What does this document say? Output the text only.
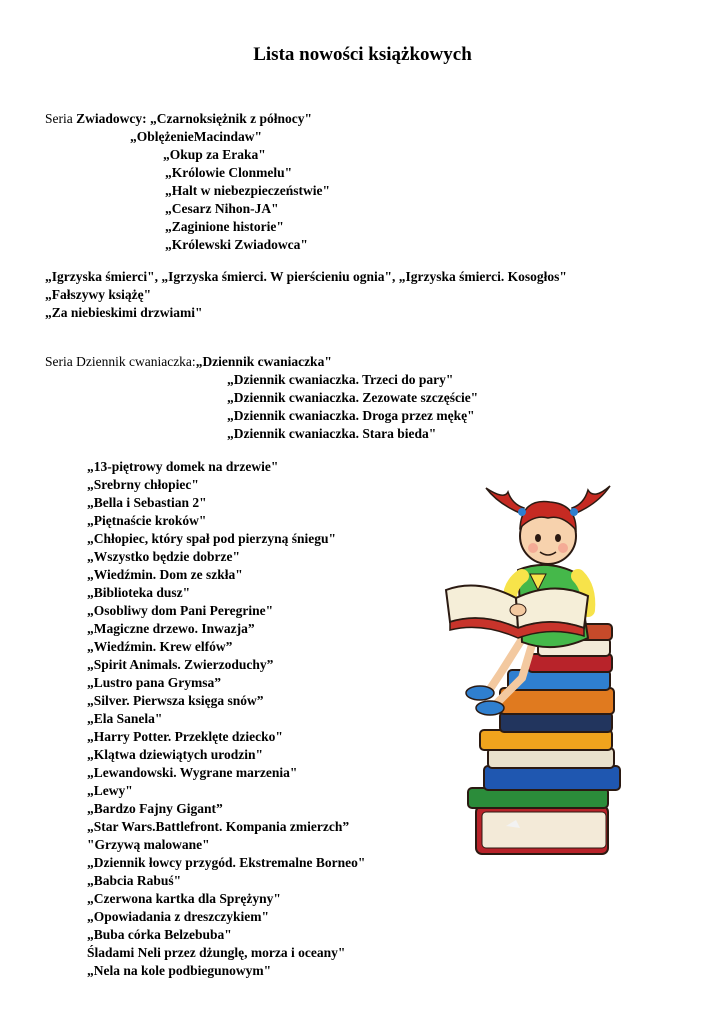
Lista nowości książkowych
Seria Zwiadowcy: „Czarnoksiężnik z północy"
„OblężenieMacindaw"
„Okup za Eraka"
„Królowie Clonmelu"
„Halt w niebezpieczeństwie"
„Cesarz Nihon-JA"
„Zaginione historie"
„Królewski Zwiadowca"
„Igrzyska śmierci", „Igrzyska śmierci. W pierścieniu ognia", „Igrzyska śmierci. Kosogłos"
„Fałszywy książę"
„Za niebieskimi drzwiami"
Seria Dziennik cwaniaczka:„Dziennik cwaniaczka"
„Dziennik cwaniaczka. Trzeci do pary"
„Dziennik cwaniaczka. Zezowate szczęście"
„Dziennik cwaniaczka. Droga przez mękę"
„Dziennik cwaniaczka. Stara bieda"
„13-piętrowy domek na drzewie"
„Srebrny chłopiec"
„Bella i Sebastian 2"
„Piętnaście kroków"
„Chłopiec, który spał pod pierzyną śniegu"
„Wszystko będzie dobrze"
„Wiedźmin. Dom ze szkła"
„Biblioteka dusz"
„Osobliwy dom Pani Peregrine"
„Magiczne drzewo. Inwazja”
„Wiedźmin. Krew elfów”
„Spirit Animals. Zwierzoduchy”
„Lustro pana Grymsa”
„Silver. Pierwsza księga snów”
„Ela Sanela"
„Harry Potter. Przeklęte dziecko"
„Klątwa dziewiątych urodzin"
„Lewandowski. Wygrane marzenia"
„Lewy"
„Bardzo Fajny Gigant”
„Star Wars.Battlefront. Kompania zmierzch”
"Grzywą malowane"
„Dziennik łowcy przygód. Ekstremalne Borneo"
„Babcia Rabuś"
„Czerwona kartka dla Sprężyny"
„Opowiadania z dreszczykiem"
„Buba córka Belzebuba"
Śladami Neli przez dżunglę, morza i oceany"
„Nela na kole podbiegunowym"
